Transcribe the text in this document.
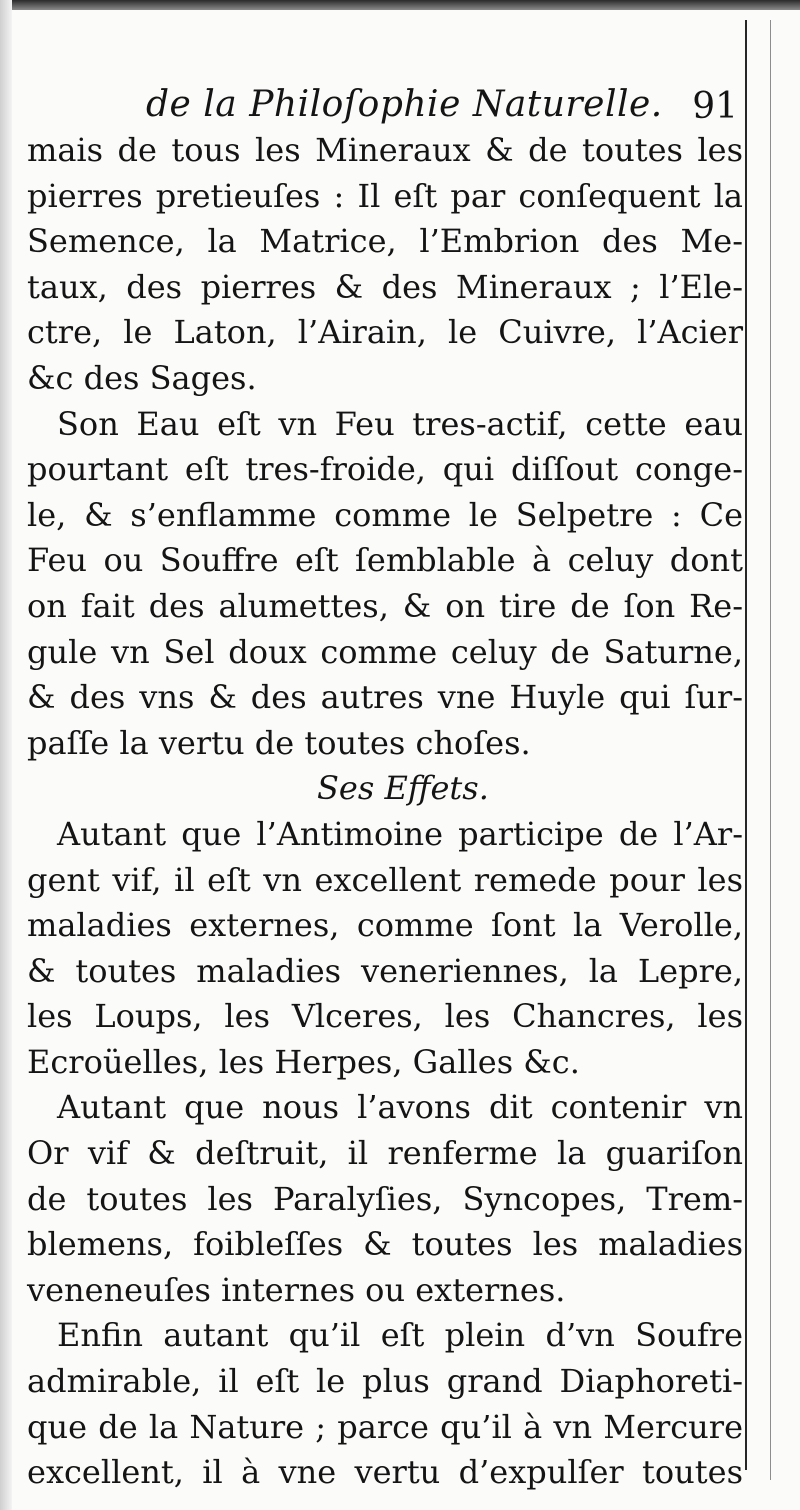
de la Philoſophie Naturelle. 91
mais de tous les Mineraux & de toutes les
pierres pretieuſes : Il eſt par conſequent la
Semence, la Matrice, l’Embrion des Me-
taux, des pierres & des Mineraux ; l’Ele-
ctre, le Laton, l’Airain, le Cuivre, l’Acier
&c des Sages.
Son Eau eſt vn Feu tres-actif, cette eau
pourtant eſt tres-froide, qui diſſout conge-
le, & s’enflamme comme le Selpetre : Ce
Feu ou Souffre eſt ſemblable à celuy dont
on fait des alumettes, & on tire de ſon Re-
gule vn Sel doux comme celuy de Saturne,
& des vns & des autres vne Huyle qui ſur-
paſſe la vertu de toutes choſes.
Ses Effets.
Autant que l’Antimoine participe de l’Ar-
gent vif, il eſt vn excellent remede pour les
maladies externes, comme ſont la Verolle,
& toutes maladies veneriennes, la Lepre,
les Loups, les Vlceres, les Chancres, les
Ecroüelles, les Herpes, Galles &c.
Autant que nous l’avons dit contenir vn
Or vif & deſtruit, il renferme la guariſon
de toutes les Paralyſies, Syncopes, Trem-
blemens, foibleſſes & toutes les maladies
veneneuſes internes ou externes.
Enfin autant qu’il eſt plein d’vn Soufre
admirable, il eſt le plus grand Diaphoreti-
que de la Nature ; parce qu’il à vn Mercure
excellent, il à vne vertu d’expulſer toutes
